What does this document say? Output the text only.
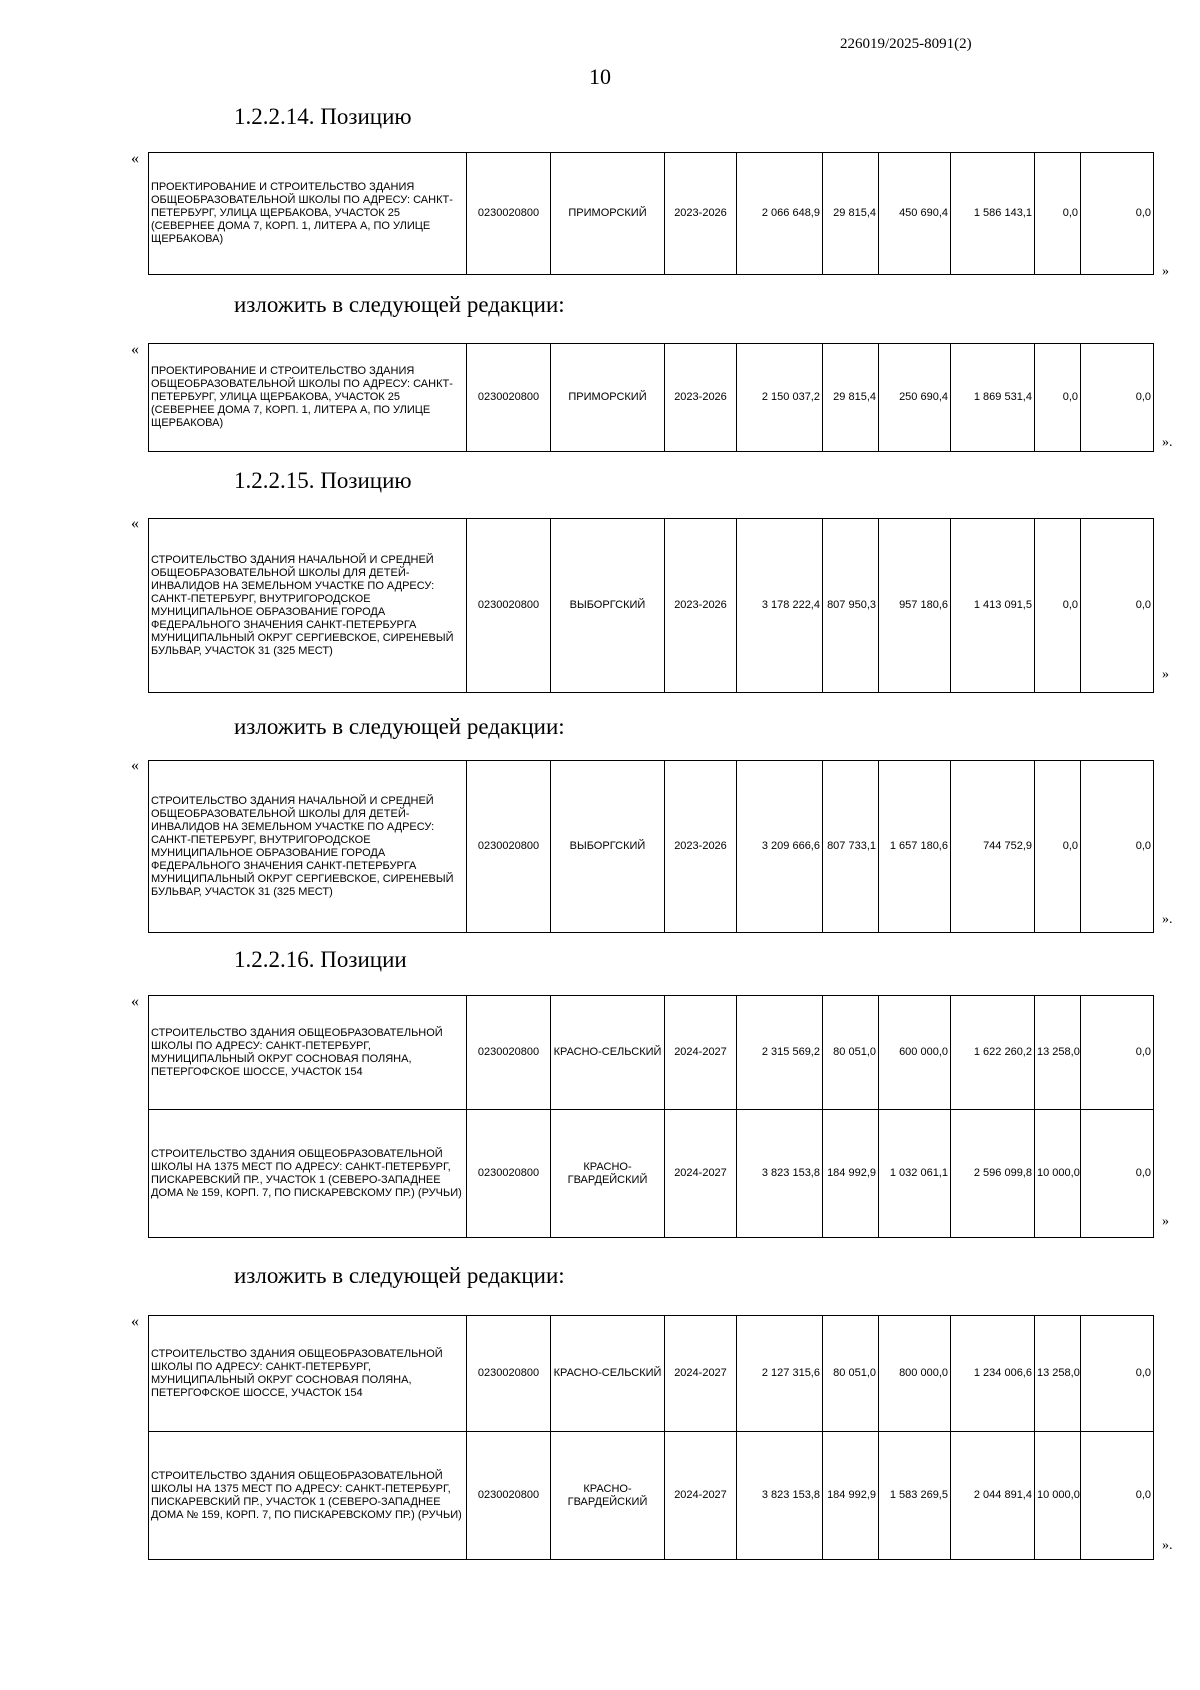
226019/2025-8091(2)
10
1.2.2.14. Позицию
«
ПРОЕКТИРОВАНИЕ И СТРОИТЕЛЬСТВО ЗДАНИЯ ОБЩЕОБРАЗОВАТЕЛЬНОЙ ШКОЛЫ ПО АДРЕСУ: САНКТ-ПЕТЕРБУРГ, УЛИЦА ЩЕРБАКОВА, УЧАСТОК 25 (СЕВЕРНЕЕ ДОМА 7, КОРП. 1, ЛИТЕРА А, ПО УЛИЦЕ ЩЕРБАКОВА)	0230020800	ПРИМОРСКИЙ	2023-2026	2 066 648,9	29 815,4	450 690,4	1 586 143,1	0,0	0,0
»
изложить в следующей редакции:
«
ПРОЕКТИРОВАНИЕ И СТРОИТЕЛЬСТВО ЗДАНИЯ ОБЩЕОБРАЗОВАТЕЛЬНОЙ ШКОЛЫ ПО АДРЕСУ: САНКТ-ПЕТЕРБУРГ, УЛИЦА ЩЕРБАКОВА, УЧАСТОК 25 (СЕВЕРНЕЕ ДОМА 7, КОРП. 1, ЛИТЕРА А, ПО УЛИЦЕ ЩЕРБАКОВА)	0230020800	ПРИМОРСКИЙ	2023-2026	2 150 037,2	29 815,4	250 690,4	1 869 531,4	0,0	0,0
».
1.2.2.15. Позицию
«
СТРОИТЕЛЬСТВО ЗДАНИЯ НАЧАЛЬНОЙ И СРЕДНЕЙ ОБЩЕОБРАЗОВАТЕЛЬНОЙ ШКОЛЫ ДЛЯ ДЕТЕЙ-ИНВАЛИДОВ НА ЗЕМЕЛЬНОМ УЧАСТКЕ ПО АДРЕСУ: САНКТ-ПЕТЕРБУРГ, ВНУТРИГОРОДСКОЕ МУНИЦИПАЛЬНОЕ ОБРАЗОВАНИЕ ГОРОДА ФЕДЕРАЛЬНОГО ЗНАЧЕНИЯ САНКТ-ПЕТЕРБУРГА МУНИЦИПАЛЬНЫЙ ОКРУГ СЕРГИЕВСКОЕ, СИРЕНЕВЫЙ БУЛЬВАР, УЧАСТОК 31 (325 МЕСТ)	0230020800	ВЫБОРГСКИЙ	2023-2026	3 178 222,4	807 950,3	957 180,6	1 413 091,5	0,0	0,0
»
изложить в следующей редакции:
«
СТРОИТЕЛЬСТВО ЗДАНИЯ НАЧАЛЬНОЙ И СРЕДНЕЙ ОБЩЕОБРАЗОВАТЕЛЬНОЙ ШКОЛЫ ДЛЯ ДЕТЕЙ-ИНВАЛИДОВ НА ЗЕМЕЛЬНОМ УЧАСТКЕ ПО АДРЕСУ: САНКТ-ПЕТЕРБУРГ, ВНУТРИГОРОДСКОЕ МУНИЦИПАЛЬНОЕ ОБРАЗОВАНИЕ ГОРОДА ФЕДЕРАЛЬНОГО ЗНАЧЕНИЯ САНКТ-ПЕТЕРБУРГА МУНИЦИПАЛЬНЫЙ ОКРУГ СЕРГИЕВСКОЕ, СИРЕНЕВЫЙ БУЛЬВАР, УЧАСТОК 31 (325 МЕСТ)	0230020800	ВЫБОРГСКИЙ	2023-2026	3 209 666,6	807 733,1	1 657 180,6	744 752,9	0,0	0,0
».
1.2.2.16. Позиции
«
СТРОИТЕЛЬСТВО ЗДАНИЯ ОБЩЕОБРАЗОВАТЕЛЬНОЙ ШКОЛЫ ПО АДРЕСУ: САНКТ-ПЕТЕРБУРГ, МУНИЦИПАЛЬНЫЙ ОКРУГ СОСНОВАЯ ПОЛЯНА, ПЕТЕРГОФСКОЕ ШОССЕ, УЧАСТОК 154	0230020800	КРАСНО-СЕЛЬСКИЙ	2024-2027	2 315 569,2	80 051,0	600 000,0	1 622 260,2	13 258,0	0,0
СТРОИТЕЛЬСТВО ЗДАНИЯ ОБЩЕОБРАЗОВАТЕЛЬНОЙ ШКОЛЫ НА 1375 МЕСТ ПО АДРЕСУ: САНКТ-ПЕТЕРБУРГ, ПИСКАРЕВСКИЙ ПР., УЧАСТОК 1 (СЕВЕРО-ЗАПАДНЕЕ ДОМА № 159, КОРП. 7, ПО ПИСКАРЕВСКОМУ ПР.) (РУЧЬИ)	0230020800	КРАСНО-ГВАРДЕЙСКИЙ	2024-2027	3 823 153,8	184 992,9	1 032 061,1	2 596 099,8	10 000,0	0,0
»
изложить в следующей редакции:
«
СТРОИТЕЛЬСТВО ЗДАНИЯ ОБЩЕОБРАЗОВАТЕЛЬНОЙ ШКОЛЫ ПО АДРЕСУ: САНКТ-ПЕТЕРБУРГ, МУНИЦИПАЛЬНЫЙ ОКРУГ СОСНОВАЯ ПОЛЯНА, ПЕТЕРГОФСКОЕ ШОССЕ, УЧАСТОК 154	0230020800	КРАСНО-СЕЛЬСКИЙ	2024-2027	2 127 315,6	80 051,0	800 000,0	1 234 006,6	13 258,0	0,0
СТРОИТЕЛЬСТВО ЗДАНИЯ ОБЩЕОБРАЗОВАТЕЛЬНОЙ ШКОЛЫ НА 1375 МЕСТ ПО АДРЕСУ: САНКТ-ПЕТЕРБУРГ, ПИСКАРЕВСКИЙ ПР., УЧАСТОК 1 (СЕВЕРО-ЗАПАДНЕЕ ДОМА № 159, КОРП. 7, ПО ПИСКАРЕВСКОМУ ПР.) (РУЧЬИ)	0230020800	КРАСНО-ГВАРДЕЙСКИЙ	2024-2027	3 823 153,8	184 992,9	1 583 269,5	2 044 891,4	10 000,0	0,0
».
